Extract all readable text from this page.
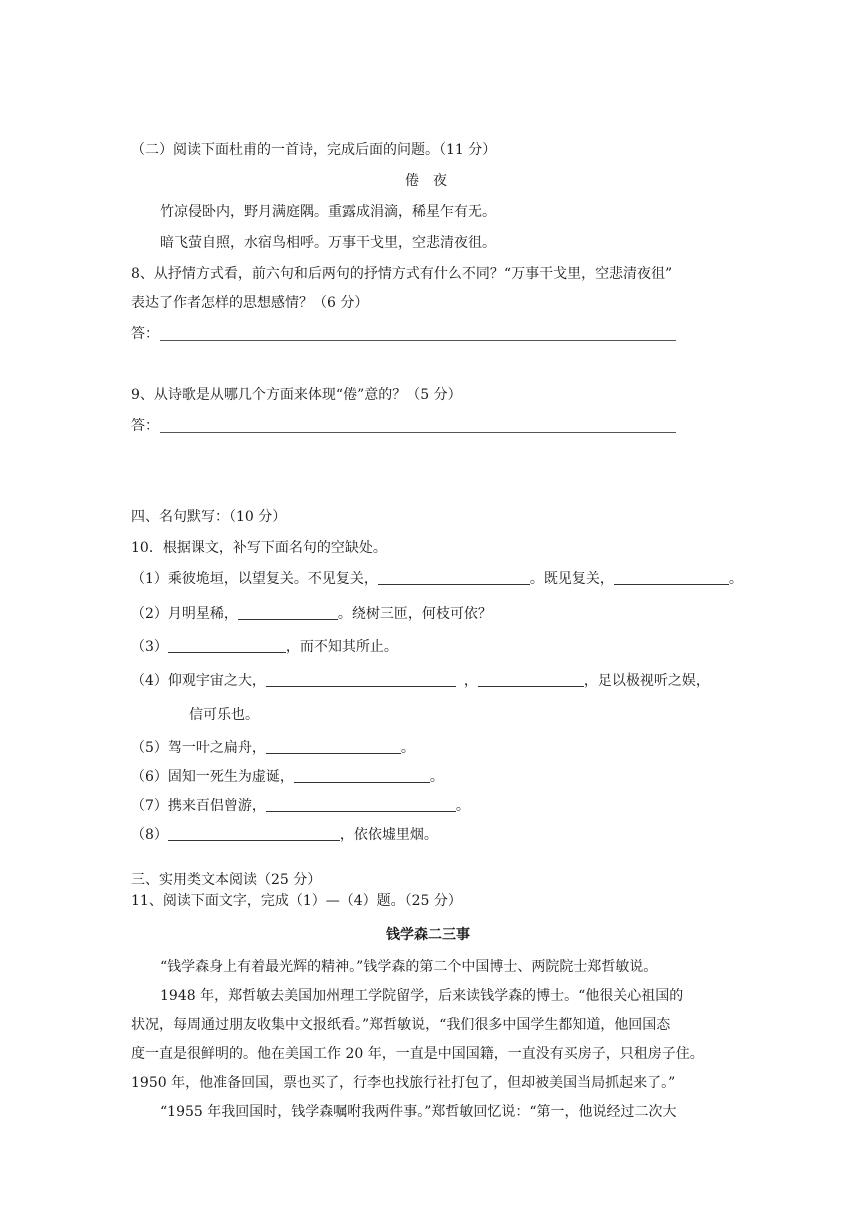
（二）阅读下面杜甫的一首诗，完成后面的问题。（11 分）
倦　夜
竹凉侵卧内，野月满庭隅。重露成涓滴，稀星乍有无。
暗飞萤自照，水宿鸟相呼。万事干戈里，空悲清夜徂。
8、从抒情方式看，前六句和后两句的抒情方式有什么不同？“万事干戈里，空悲清夜徂”
表达了作者怎样的思想感情？（6 分）
答：
9、从诗歌是从哪几个方面来体现“倦”意的？（5 分）
答：
四、名句默写：（10 分）
10．根据课文，补写下面名句的空缺处。
（1）乘彼垝垣，以望复关。不见复关，	。既见复关，	。
（2）月明星稀，	。绕树三匝，何枝可依？
（3）	，而不知其所止。
（4）仰观宇宙之大，	，	，足以极视听之娱，
信可乐也。
（5）驾一叶之扁舟，	。
（6）固知一死生为虚诞，	。
（7）携来百侣曾游，	。
（8）	，依依墟里烟。
三、实用类文本阅读（25 分）
11、阅读下面文字，完成（1）—（4）题。（25 分）
钱学森二三事
“钱学森身上有着最光辉的精神。”钱学森的第二个中国博士、两院院士郑哲敏说。
1948 年，郑哲敏去美国加州理工学院留学，后来读钱学森的博士。“他很关心祖国的
状况，每周通过朋友收集中文报纸看。”郑哲敏说，“我们很多中国学生都知道，他回国态
度一直是很鲜明的。他在美国工作 20 年，一直是中国国籍，一直没有买房子，只租房子住。
1950 年，他准备回国，票也买了，行李也找旅行社打包了，但却被美国当局抓起来了。”
“1955 年我回国时，钱学森嘱咐我两件事。”郑哲敏回忆说：“第一，他说经过二次大
